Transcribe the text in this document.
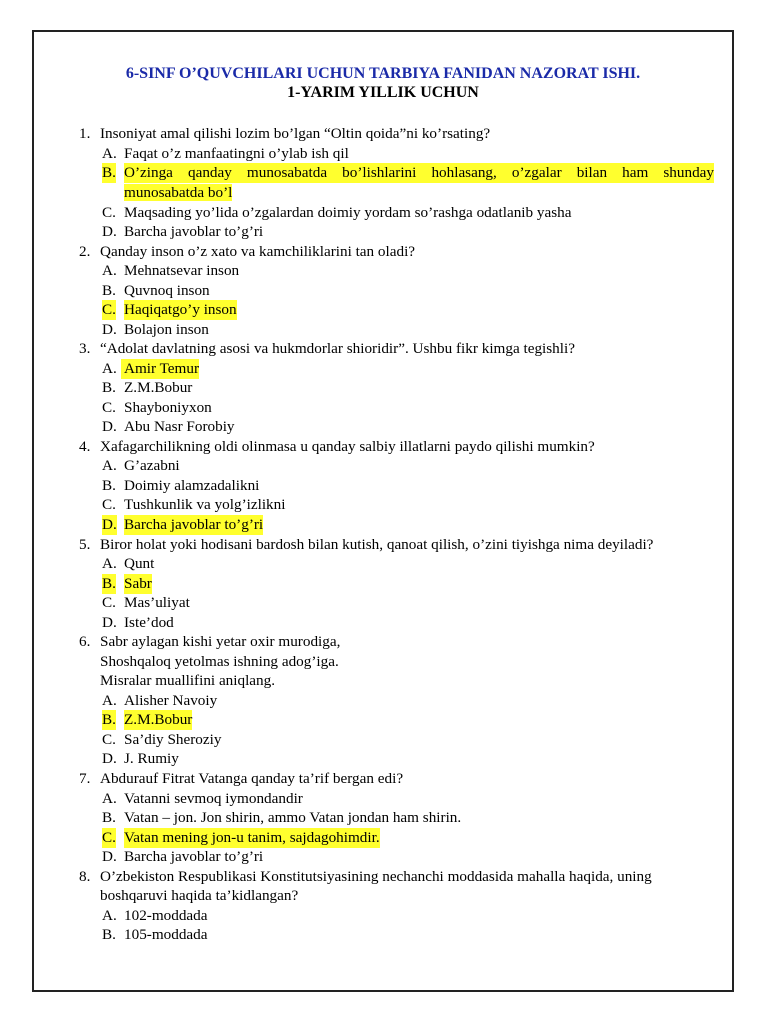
6-SINF O’QUVCHILARI UCHUN TARBIYA FANIDAN NAZORAT ISHI.
1-YARIM YILLIK UCHUN
1. Insoniyat amal qilishi lozim bo’lgan “Oltin qoida”ni ko’rsating?
A. Faqat o’z manfaatingni o’ylab ish qil
B. O’zinga qanday munosabatda bo’lishlarini hohlasang, o’zgalar bilan ham shunday
munosabatda bo’l
C. Maqsading yo’lida o’zgalardan doimiy yordam so’rashga odatlanib yasha
D. Barcha javoblar to’g’ri
2. Qanday inson o’z xato va kamchiliklarini tan oladi?
A. Mehnatsevar inson
B. Quvnoq inson
C. Haqiqatgo’y inson
D. Bolajon inson
3. “Adolat davlatning asosi va hukmdorlar shioridir”. Ushbu fikr kimga tegishli?
A. Amir Temur
B. Z.M.Bobur
C. Shayboniyxon
D. Abu Nasr Forobiy
4. Xafagarchilikning oldi olinmasa u qanday salbiy illatlarni paydo qilishi mumkin?
A. G’azabni
B. Doimiy alamzadalikni
C. Tushkunlik va yolg’izlikni
D. Barcha javoblar to’g’ri
5. Biror holat yoki hodisani bardosh bilan kutish, qanoat qilish, o’zini tiyishga nima deyiladi?
A. Qunt
B. Sabr
C. Mas’uliyat
D. Iste’dod
6. Sabr aylagan kishi yetar oxir murodiga,
Shoshqaloq yetolmas ishning adog’iga.
Misralar muallifini aniqlang.
A. Alisher Navoiy
B. Z.M.Bobur
C. Sa’diy Sheroziy
D. J. Rumiy
7. Abdurauf Fitrat Vatanga qanday ta’rif bergan edi?
A. Vatanni sevmoq iymondandir
B. Vatan – jon. Jon shirin, ammo Vatan jondan ham shirin.
C. Vatan mening jon-u tanim, sajdagohimdir.
D. Barcha javoblar to’g’ri
8. O’zbekiston Respublikasi Konstitutsiyasining nechanchi moddasida mahalla haqida, uning
boshqaruvi haqida ta’kidlangan?
A. 102-moddada
B. 105-moddada
